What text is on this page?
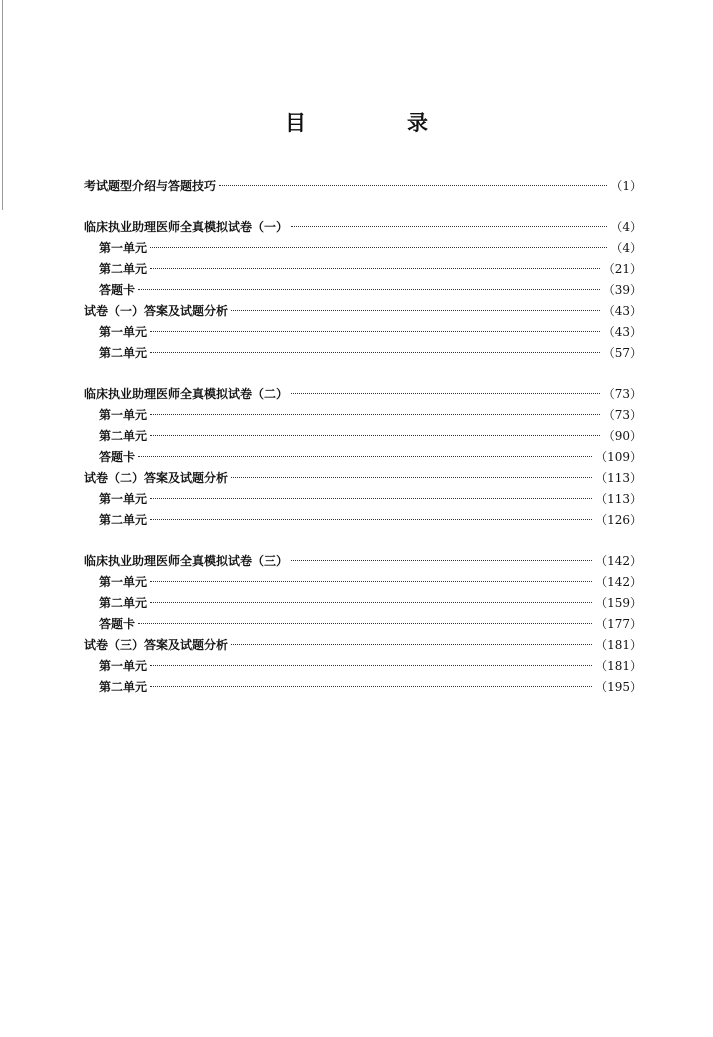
目　录
考试题型介绍与答题技巧	（1）
临床执业助理医师全真模拟试卷（一）	（4）
第一单元	（4）
第二单元	（21）
答题卡	（39）
试卷（一）答案及试题分析	（43）
第一单元	（43）
第二单元	（57）
临床执业助理医师全真模拟试卷（二）	（73）
第一单元	（73）
第二单元	（90）
答题卡	（109）
试卷（二）答案及试题分析	（113）
第一单元	（113）
第二单元	（126）
临床执业助理医师全真模拟试卷（三）	（142）
第一单元	（142）
第二单元	（159）
答题卡	（177）
试卷（三）答案及试题分析	（181）
第一单元	（181）
第二单元	（195）
